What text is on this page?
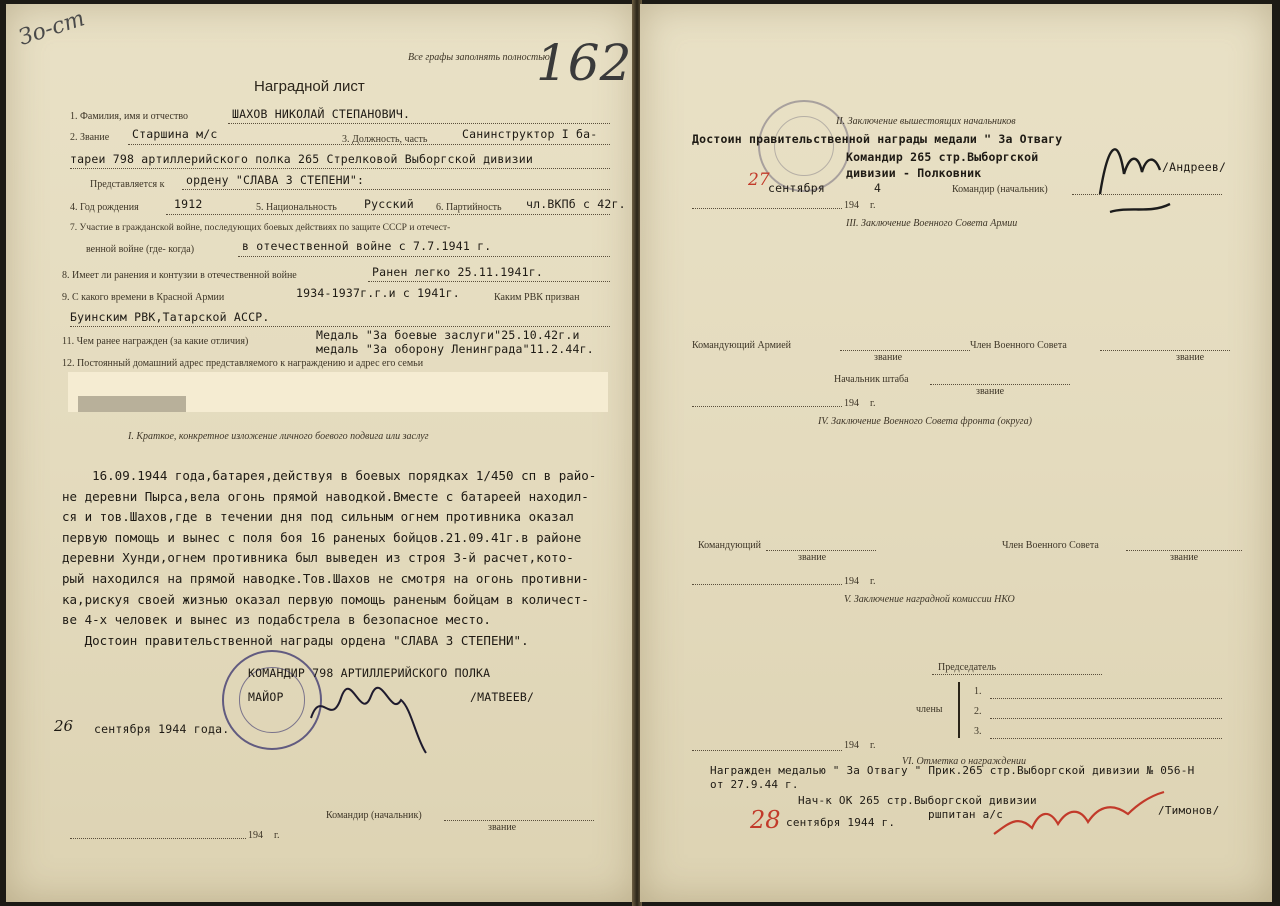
Зо-ст
Все графы заполнять полностью
162
Наградной лист
1. Фамилия, имя и отчество	ШАХОВ НИКОЛАЙ СТЕПАНОВИЧ.
2. Звание Старшина м/с	3. Должность, часть	Санинструктор I ба-
тареи 798 артиллерийского полка 265 Стрелковой Выборгской дивизии
Представляется к ордену "СЛАВА 3 СТЕПЕНИ":
4. Год рождения	1912	5. Национальность Русский 6. Партийность чл.ВКПб с 42г.
7. Участие в гражданской войне, последующих боевых действиях по защите СССР и отечест-
венной войне (где- когда)	в отечественной войне с 7.7.1941 г.
8. Имеет ли ранения и контузии в отечественной войне	Ранен легко 25.11.1941г.
9. С какого времени в Красной Армии	1934-1937г.г.и с 1941г.	Каким РВК призван
Буинским РВК,Татарской АССР.
11. Чем ранее награжден (за какие отличия)	Медаль "За боевые заслуги"25.10.42г.и
медаль "За оборону Ленинграда"11.2.44г.
12. Постоянный домашний адрес представляемого к награждению и адрес его семьи
I. Краткое, конкретное изложение личного боевого подвига или заслуг
16.09.1944 года,батарея,действуя в боевых порядках 1/450 сп в райо-
не деревни Пырса,вела огонь прямой наводкой.Вместе с батареей находил-
ся и тов.Шахов,где в течении дня под сильным огнем противника оказал
первую помощь и вынес с поля боя 16 раненых бойцов.21.09.41г.в районе
деревни Хунди,огнем противника был выведен из строя 3-й расчет,кото-
рый находился на прямой наводке.Тов.Шахов не смотря на огонь противни-
ка,рискуя своей жизнью оказал первую помощь раненым бойцам в количест-
ве 4-х человек и вынес из подабстрела в безопасное место.
Достоин правительственной награды ордена "СЛАВА 3 СТЕПЕНИ".
КОМАНДИР 798 АРТИЛЛЕРИЙСКОГО ПОЛКА
МАЙОР	/МАТВЕЕВ/
26 сентября 1944 года.
Командир (начальник)
звание
194 г.
II. Заключение вышестоящих начальников
Достоин правительственной награды медали " За Отвагу
Командир 265 стр.Выборгской
дивизии - Полковник	/Андреев/
27
сентября	4	Командир (начальник)
194 г.
III. Заключение Военного Совета Армии
Командующий Армией
звание
Член Военного Совета
звание
Начальник штаба
звание
194 г.
IV. Заключение Военного Совета фронта (округа)
Командующий
звание
Член Военного Совета
звание
194 г.
V. Заключение наградной комиссии НКО
Председатель
члены
1.
2.
3.
194 г.
VI. Отметка о награждении
Награжден медалью " За Отвагу " Прик.265 стр.Выборгской дивизии № 056-Н
от 27.9.44 г.
Нач-к ОК 265 стр.Выборгской дивизии
ршпитан а/с	/Тимонов/
28 сентября 1944 г.
